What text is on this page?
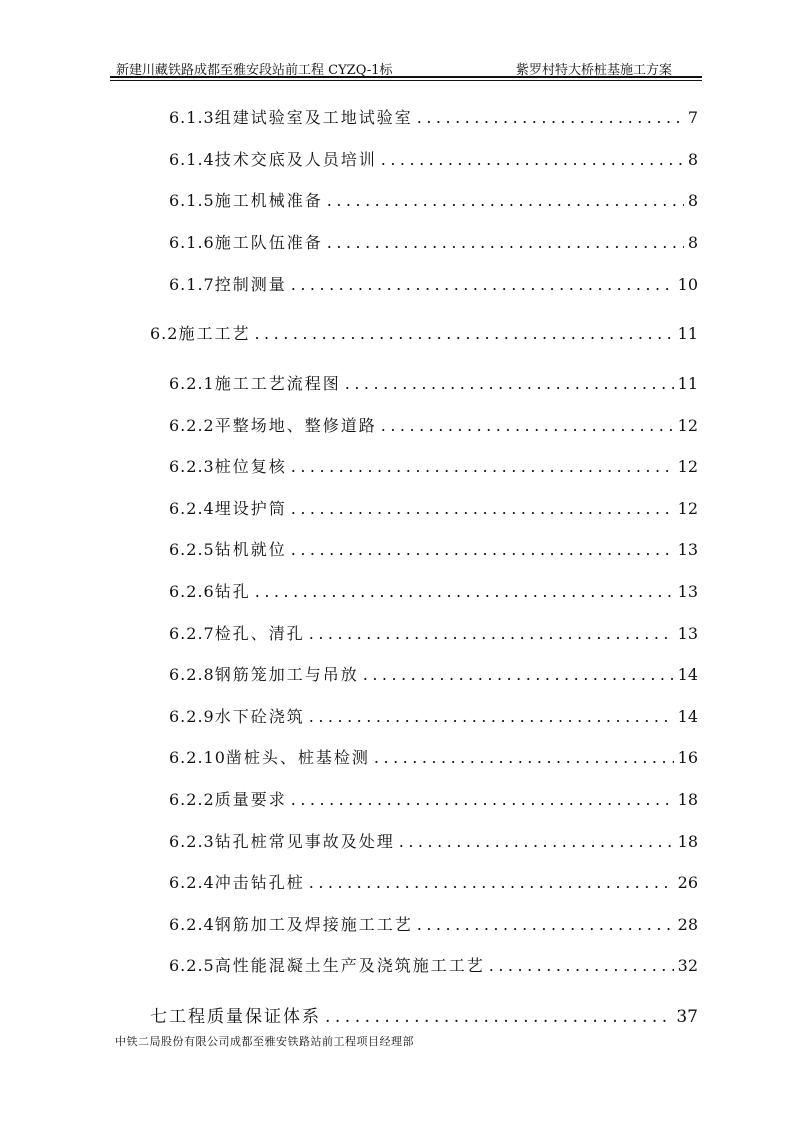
新建川藏铁路成都至雅安段站前工程 CYZQ-1标	紫罗村特大桥桩基施工方案
6.1.3 组建试验室及工地试验室 .....	7
6.1.4 技术交底及人员培训 .....	8
6.1.5 施工机械准备 .....	8
6.1.6 施工队伍准备 .....	8
6.1.7 控制测量 .....	10
6.2 施工工艺 .....	11
6.2.1 施工工艺流程图 .....	11
6.2.2 平整场地、整修道路 .....	12
6.2.3 桩位复核 .....	12
6.2.4 埋设护筒 .....	12
6.2.5 钻机就位 .....	13
6.2.6 钻孔 .....	13
6.2.7 检孔、清孔 .....	13
6.2.8 钢筋笼加工与吊放 .....	14
6.2.9 水下砼浇筑 .....	14
6.2.10 凿桩头、桩基检测 .....	16
6.2.2 质量要求 .....	18
6.2.3 钻孔桩常见事故及处理 .....	18
6.2.4 冲击钻孔桩 .....	26
6.2.4 钢筋加工及焊接施工工艺 .....	28
6.2.5 高性能混凝土生产及浇筑施工工艺 .....	32
七工程质量保证体系 .....	37
中铁二局股份有限公司成都至雅安铁路站前工程项目经理部
